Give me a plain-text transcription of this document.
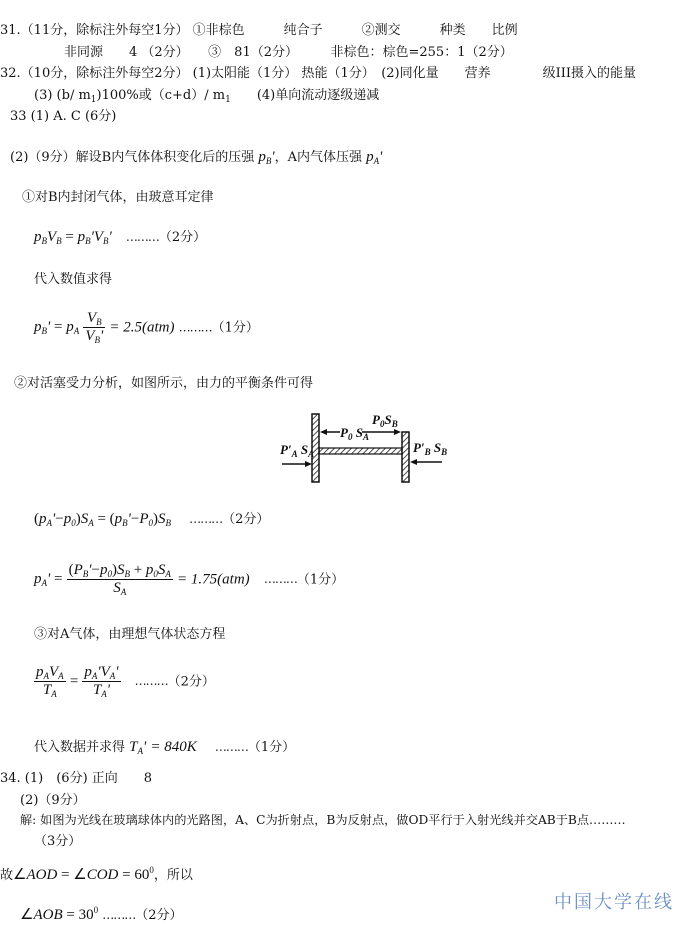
31.（11分，除标注外每空1分） ①非棕色　　　纯合子　　　②测交　　　种类　　比例
非同源　　4 （2分）　　③　81（2分）　　　非棕色：棕色=255：1（2分）
32.（10分，除标注外每空2分） (1)太阳能（1分） 热能（1分）　(2)同化量　　营养　　　　级III摄入的能量
(3) (b/ $m_1)100\%$或（c+d）/ $m_1$　　(4)单向流动逐级递减
33 (1) A. C (6分)
(2)（9分）解设B内气体体积变化后的压强 $p_B'$，A内气体压强 $p_A'$
①对B内封闭气体，由玻意耳定律
$p_BV_B = p_B'V_B'$ ………（2分）
代入数值求得
$p_B' = p_A \frac{V_B}{V_B'} = 2.5(atm)$ ………（1分）
②对活塞受力分析，如图所示，由力的平衡条件可得
$P'_A$ $S_A$
$P_0$ $S_A$
$P_0S_B$
$P'_B$ $S_B$
$(p_A'-p_0)S_A = (p_B'-P_0)S_B$ ………（2分）
$p_A' = \frac{(P_B'-p_0)S_B + p_0S_A}{S_A} = 1.75(atm)$ ………（1分）
③对A气体，由理想气体状态方程
$\frac{p_AV_A}{T_A} = \frac{p_A'V_A'}{T_A'}$ ………（2分）
代入数据并求得 $T_A' = 840K$ ………（1分）
34. (1)　(6分) 正向　　8
(2)（9分）
解: 如图为光线在玻璃球体内的光路图，A、C为折射点，B为反射点，做OD平行于入射光线并交AB于B点………
（3分）
故∠AOD = ∠COD = $60^0$，所以
∠AOB = $30^0$ ………（2分）
中国大学在线
